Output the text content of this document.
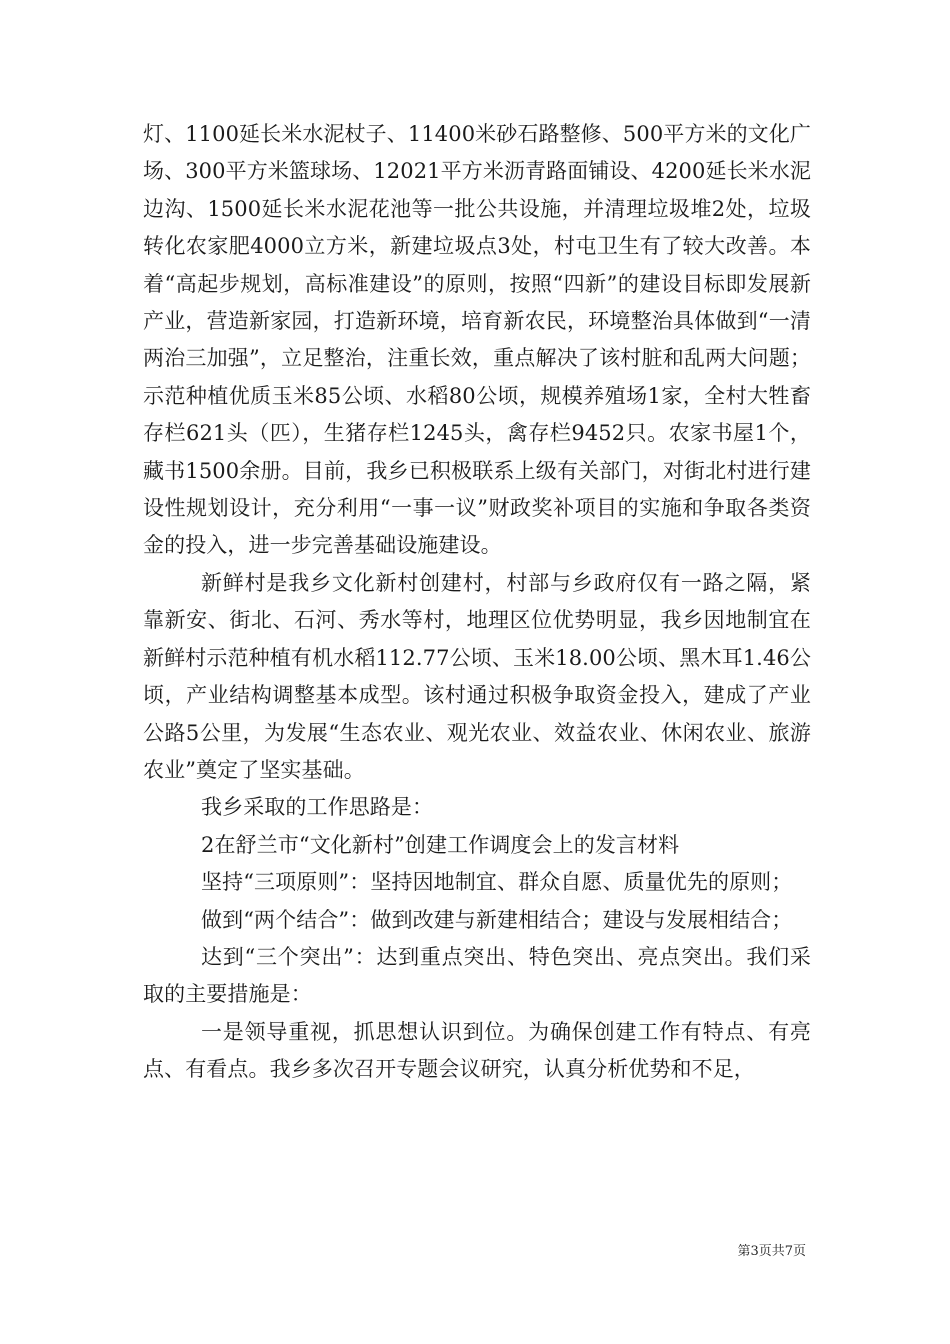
灯、1100延长米水泥杖子、11400米砂石路整修、500平方米的文化广场、300平方米篮球场、12021平方米沥青路面铺设、4200延长米水泥边沟、1500延长米水泥花池等一批公共设施，并清理垃圾堆2处，垃圾转化农家肥4000立方米，新建垃圾点3处，村屯卫生有了较大改善。本着“高起步规划，高标准建设”的原则，按照“四新”的建设目标即发展新产业，营造新家园，打造新环境，培育新农民，环境整治具体做到“一清两治三加强”，立足整治，注重长效，重点解决了该村脏和乱两大问题；示范种植优质玉米85公顷、水稻80公顷，规模养殖场1家，全村大牲畜存栏621头（匹），生猪存栏1245头，禽存栏9452只。农家书屋1个，藏书1500余册。目前，我乡已积极联系上级有关部门，对街北村进行建设性规划设计，充分利用“一事一议”财政奖补项目的实施和争取各类资金的投入，进一步完善基础设施建设。

新鲜村是我乡文化新村创建村，村部与乡政府仅有一路之隔，紧靠新安、街北、石河、秀水等村，地理区位优势明显，我乡因地制宜在新鲜村示范种植有机水稻112.77公顷、玉米18.00公顷、黑木耳1.46公顷，产业结构调整基本成型。该村通过积极争取资金投入，建成了产业公路5公里，为发展“生态农业、观光农业、效益农业、休闲农业、旅游农业”奠定了坚实基础。

我乡采取的工作思路是：

2在舒兰市“文化新村”创建工作调度会上的发言材料

坚持“三项原则”：坚持因地制宜、群众自愿、质量优先的原则；

做到“两个结合”：做到改建与新建相结合；建设与发展相结合；

达到“三个突出”：达到重点突出、特色突出、亮点突出。我们采取的主要措施是：

一是领导重视，抓思想认识到位。为确保创建工作有特点、有亮点、有看点。我乡多次召开专题会议研究，认真分析优势和不足，

第3页共7页
